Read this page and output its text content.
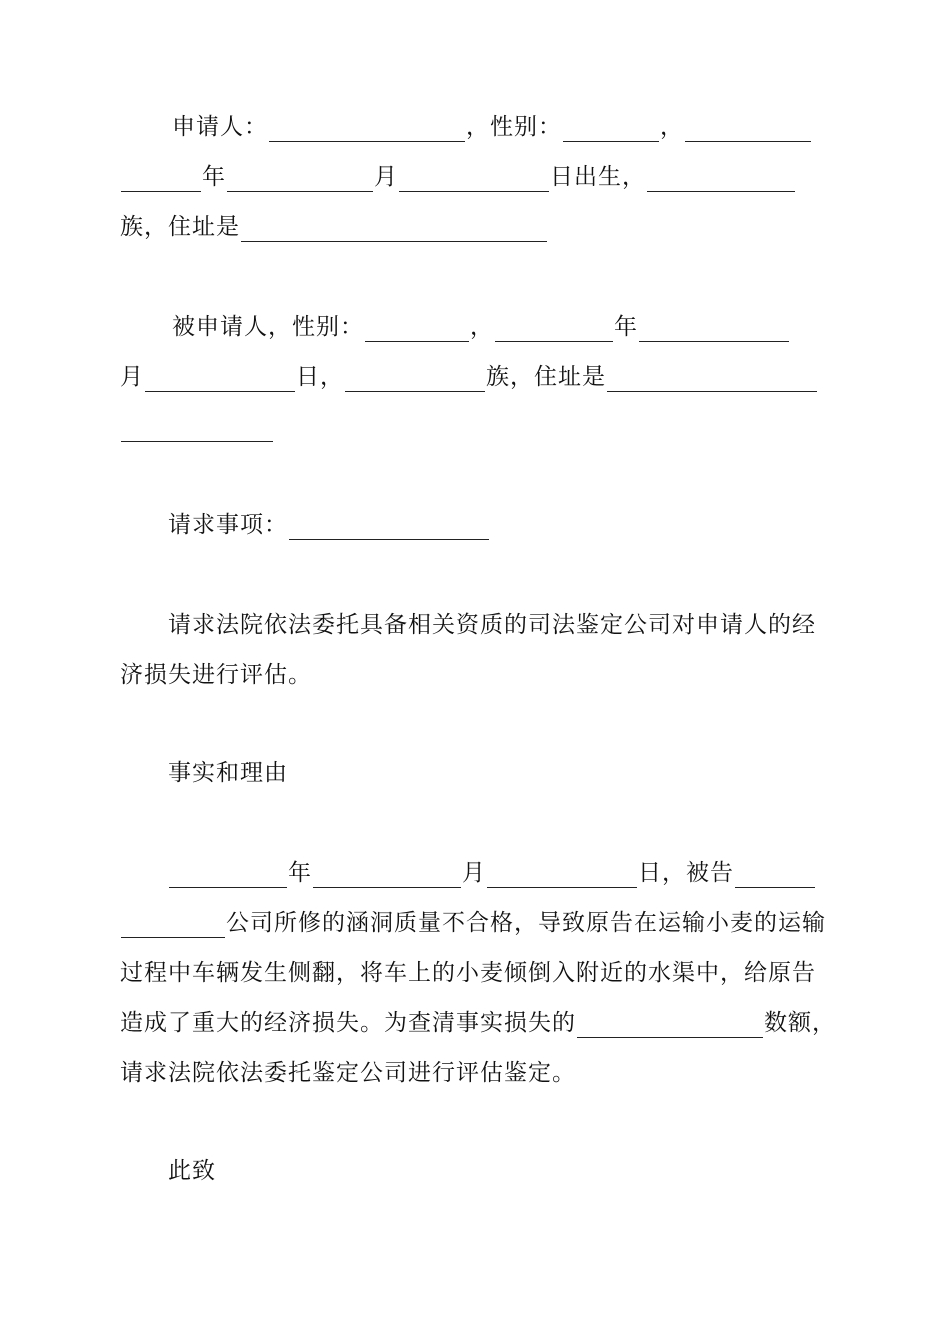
申请人：	，性别：	，
年	月	日出生，
族，住址是
被申请人，性别：	，	年
月	日，	族，住址是
请求事项：
请求法院依法委托具备相关资质的司法鉴定公司对申请人的经
济损失进行评估。
事实和理由
年	月	日，被告
公司所修的涵洞质量不合格，导致原告在运输小麦的运输
过程中车辆发生侧翻，将车上的小麦倾倒入附近的水渠中，给原告
造成了重大的经济损失。为查清事实损失的	数额，
请求法院依法委托鉴定公司进行评估鉴定。
此致
